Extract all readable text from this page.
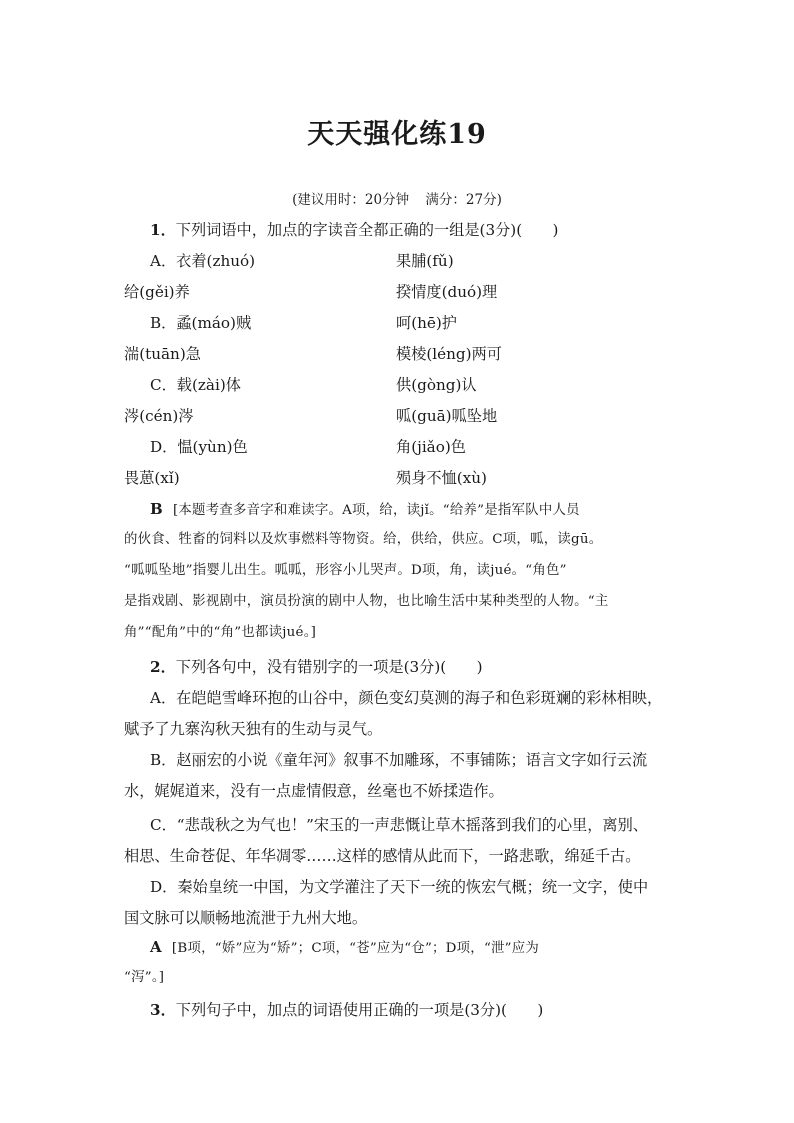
天天强化练19
(建议用时：20分钟 满分：27分)
1．下列词语中，加点的字读音全都正确的一组是(3分)(　　)
A．衣着(zhuó)	果脯(fǔ)
给(gěi)养	揆情度(duó)理
B．蟊(máo)贼	呵(hē)护
湍(tuān)急	模棱(léng)两可
C．载(zài)体	供(gòng)认
涔(cén)涔	呱(guā)呱坠地
D．愠(yùn)色	角(jiǎo)色
畏葸(xǐ)	殒身不恤(xù)
B [本题考查多音字和难读字。A项，给，读jǐ。“给养”是指军队中人员
的伙食、牲畜的饲料以及炊事燃料等物资。给，供给，供应。C项，呱，读gū。
“呱呱坠地”指婴儿出生。呱呱，形容小儿哭声。D项，角，读jué。“角色”
是指戏剧、影视剧中，演员扮演的剧中人物，也比喻生活中某种类型的人物。“主
角”“配角”中的“角”也都读jué。]
2．下列各句中，没有错别字的一项是(3分)(　　)
A．在皑皑雪峰环抱的山谷中，颜色变幻莫测的海子和色彩斑斓的彩林相映，
赋予了九寨沟秋天独有的生动与灵气。
B．赵丽宏的小说《童年河》叙事不加雕琢，不事铺陈；语言文字如行云流
水，娓娓道来，没有一点虚情假意，丝毫也不娇揉造作。
C．“悲哉秋之为气也！”宋玉的一声悲慨让草木摇落到我们的心里，离别、
相思、生命苍促、年华凋零……这样的感情从此而下，一路悲歌，绵延千古。
D．秦始皇统一中国，为文学灌注了天下一统的恢宏气概；统一文字，使中
国文脉可以顺畅地流泄于九州大地。
A [B项，“娇”应为“矫”；C项，“苍”应为“仓”；D项，“泄”应为
“泻”。]
3．下列句子中，加点的词语使用正确的一项是(3分)(　　)
